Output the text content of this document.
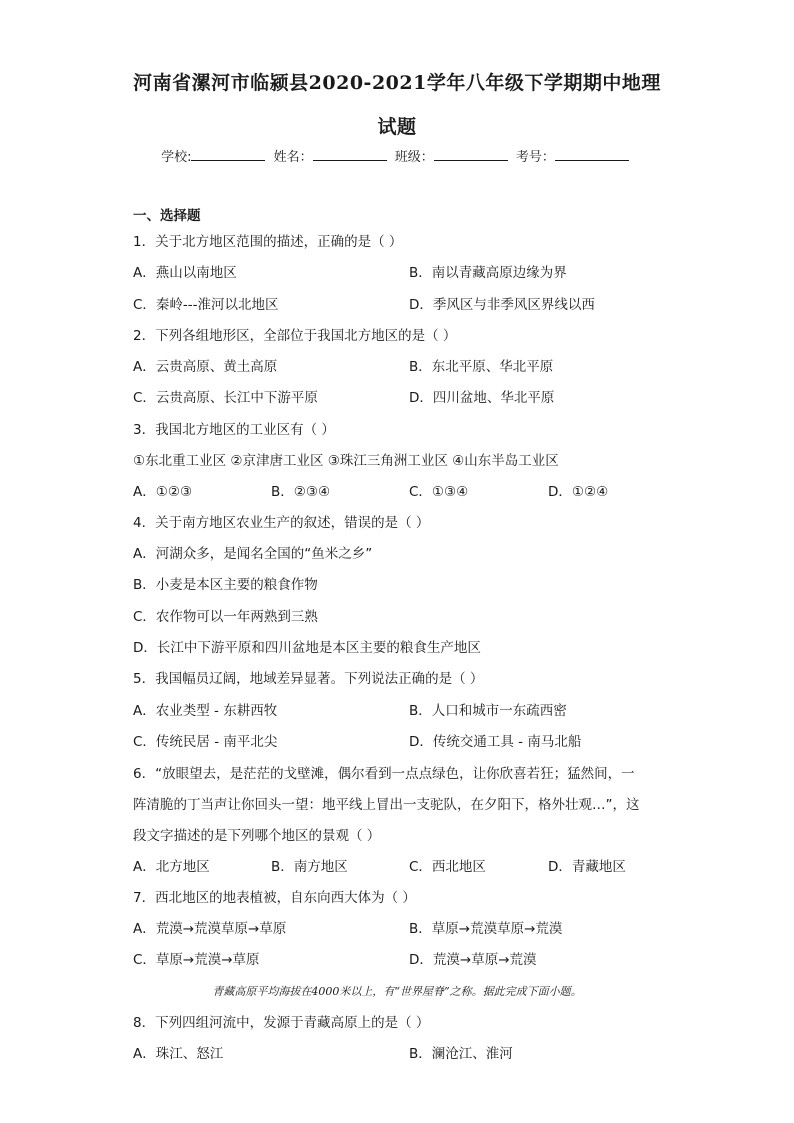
河南省漯河市临颍县2020-2021学年八年级下学期期中地理
试题
学校:	姓名：	班级：	考号：
一、选择题
1．关于北方地区范围的描述，正确的是（ ）
A．燕山以南地区	B．南以青藏高原边缘为界
C．秦岭---淮河以北地区	D．季风区与非季风区界线以西
2．下列各组地形区，全部位于我国北方地区的是（ ）
A．云贵高原、黄土高原	B．东北平原、华北平原
C．云贵高原、长江中下游平原	D．四川盆地、华北平原
3．我国北方地区的工业区有（ ）
①东北重工业区 ②京津唐工业区 ③珠江三角洲工业区 ④山东半岛工业区
A．①②③	B．②③④	C．①③④	D．①②④
4．关于南方地区农业生产的叙述，错误的是（ ）
A．河湖众多，是闻名全国的“鱼米之乡”
B．小麦是本区主要的粮食作物
C．农作物可以一年两熟到三熟
D．长江中下游平原和四川盆地是本区主要的粮食生产地区
5．我国幅员辽阔，地域差异显著。下列说法正确的是（ ）
A．农业类型 - 东耕西牧	B．人口和城市一东疏西密
C．传统民居 - 南平北尖	D．传统交通工具 - 南马北船
6．“放眼望去，是茫茫的戈壁滩，偶尔看到一点点绿色，让你欣喜若狂；猛然间，一
阵清脆的丁当声让你回头一望：地平线上冒出一支驼队，在夕阳下，格外壮观…”，这
段文字描述的是下列哪个地区的景观（ ）
A．北方地区	B．南方地区	C．西北地区	D．青藏地区
7．西北地区的地表植被，自东向西大体为（ ）
A．荒漠→荒漠草原→草原	B．草原→荒漠草原→荒漠
C．草原→荒漠→草原	D．荒漠→草原→荒漠
青藏高原平均海拔在4000米以上，有“世界屋脊”之称。据此完成下面小题。
8．下列四组河流中，发源于青藏高原上的是（ ）
A．珠江、怒江	B．澜沧江、淮河
